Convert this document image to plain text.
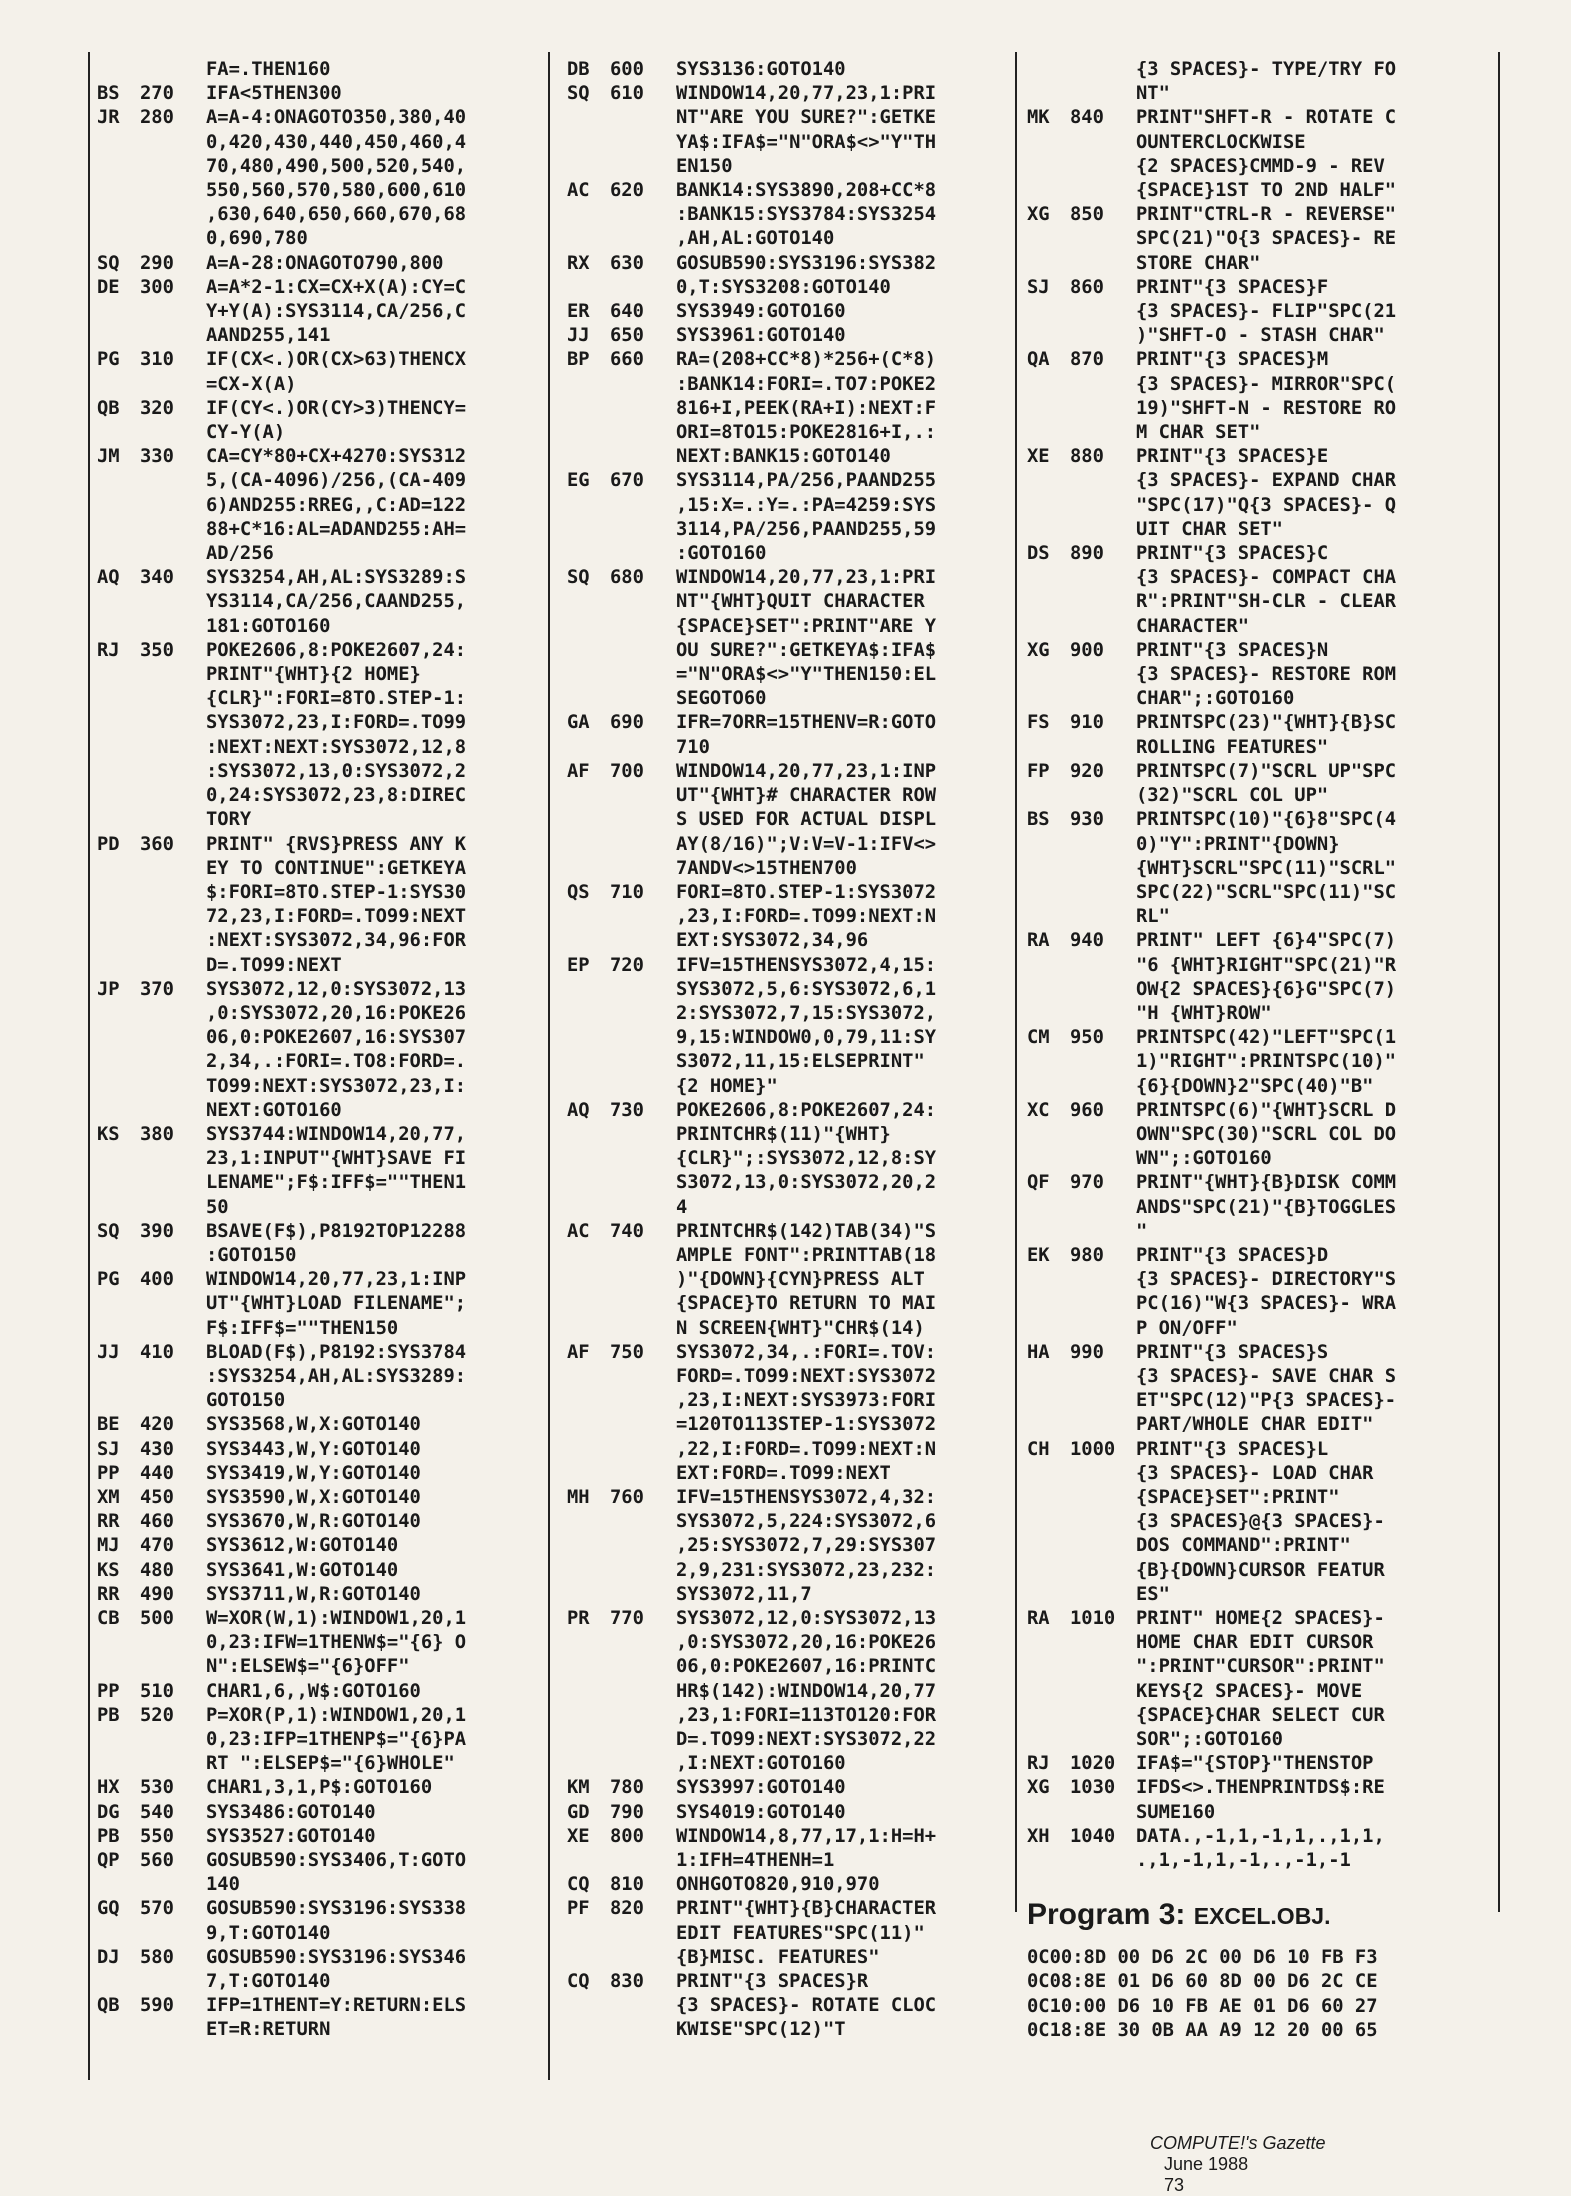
FA=.THEN160
BS	270	IFA<5THEN300
JR	280	A=A-4:ONAGOTO350,380,40
0,420,430,440,450,460,4
70,480,490,500,520,540,
550,560,570,580,600,610
,630,640,650,660,670,68
0,690,780
SQ	290	A=A-28:ONAGOTO790,800
DE	300	A=A*2-1:CX=CX+X(A):CY=C
Y+Y(A):SYS3114,CA/256,C
AAND255,141
PG	310	IF(CX<.)OR(CX>63)THENCX
=CX-X(A)
QB	320	IF(CY<.)OR(CY>3)THENCY=
CY-Y(A)
JM	330	CA=CY*80+CX+4270:SYS312
5,(CA-4096)/256,(CA-409
6)AND255:RREG,,C:AD=122
88+C*16:AL=ADAND255:AH=
AD/256
AQ	340	SYS3254,AH,AL:SYS3289:S
YS3114,CA/256,CAAND255,
181:GOTO160
RJ	350	POKE2606,8:POKE2607,24:
PRINT"{WHT}{2 HOME}
{CLR}":FORI=8TO.STEP-1:
SYS3072,23,I:FORD=.TO99
:NEXT:NEXT:SYS3072,12,8
:SYS3072,13,0:SYS3072,2
0,24:SYS3072,23,8:DIREC
TORY
PD	360	PRINT" {RVS}PRESS ANY K
EY TO CONTINUE":GETKEYA
$:FORI=8TO.STEP-1:SYS30
72,23,I:FORD=.TO99:NEXT
:NEXT:SYS3072,34,96:FOR
D=.TO99:NEXT
JP	370	SYS3072,12,0:SYS3072,13
,0:SYS3072,20,16:POKE26
06,0:POKE2607,16:SYS307
2,34,.:FORI=.TO8:FORD=.
TO99:NEXT:SYS3072,23,I:
NEXT:GOTO160
KS	380	SYS3744:WINDOW14,20,77,
23,1:INPUT"{WHT}SAVE FI
LENAME";F$:IFF$=""THEN1
50
SQ	390	BSAVE(F$),P8192TOP12288
:GOTO150
PG	400	WINDOW14,20,77,23,1:INP
UT"{WHT}LOAD FILENAME";
F$:IFF$=""THEN150
JJ	410	BLOAD(F$),P8192:SYS3784
:SYS3254,AH,AL:SYS3289:
GOTO150
BE	420	SYS3568,W,X:GOTO140
SJ	430	SYS3443,W,Y:GOTO140
PP	440	SYS3419,W,Y:GOTO140
XM	450	SYS3590,W,X:GOTO140
RR	460	SYS3670,W,R:GOTO140
MJ	470	SYS3612,W:GOTO140
KS	480	SYS3641,W:GOTO140
RR	490	SYS3711,W,R:GOTO140
CB	500	W=XOR(W,1):WINDOW1,20,1
0,23:IFW=1THENW$="{6} O
N":ELSEW$="{6}OFF"
PP	510	CHAR1,6,,W$:GOTO160
PB	520	P=XOR(P,1):WINDOW1,20,1
0,23:IFP=1THENP$="{6}PA
RT ":ELSEP$="{6}WHOLE"
HX	530	CHAR1,3,1,P$:GOTO160
DG	540	SYS3486:GOTO140
PB	550	SYS3527:GOTO140
QP	560	GOSUB590:SYS3406,T:GOTO
140
GQ	570	GOSUB590:SYS3196:SYS338
9,T:GOTO140
DJ	580	GOSUB590:SYS3196:SYS346
7,T:GOTO140
QB	590	IFP=1THENT=Y:RETURN:ELS
ET=R:RETURN
DB	600	SYS3136:GOTO140
SQ	610	WINDOW14,20,77,23,1:PRI
NT"ARE YOU SURE?":GETKE
YA$:IFA$="N"ORA$<>"Y"TH
EN150
AC	620	BANK14:SYS3890,208+CC*8
:BANK15:SYS3784:SYS3254
,AH,AL:GOTO140
RX	630	GOSUB590:SYS3196:SYS382
0,T:SYS3208:GOTO140
ER	640	SYS3949:GOTO160
JJ	650	SYS3961:GOTO140
BP	660	RA=(208+CC*8)*256+(C*8)
:BANK14:FORI=.TO7:POKE2
816+I,PEEK(RA+I):NEXT:F
ORI=8TO15:POKE2816+I,.:
NEXT:BANK15:GOTO140
EG	670	SYS3114,PA/256,PAAND255
,15:X=.:Y=.:PA=4259:SYS
3114,PA/256,PAAND255,59
:GOTO160
SQ	680	WINDOW14,20,77,23,1:PRI
NT"{WHT}QUIT CHARACTER
{SPACE}SET":PRINT"ARE Y
OU SURE?":GETKEYA$:IFA$
="N"ORA$<>"Y"THEN150:EL
SEGOTO60
GA	690	IFR=7ORR=15THENV=R:GOTO
710
AF	700	WINDOW14,20,77,23,1:INP
UT"{WHT}# CHARACTER ROW
S USED FOR ACTUAL DISPL
AY(8/16)";V:V=V-1:IFV<>
7ANDV<>15THEN700
QS	710	FORI=8TO.STEP-1:SYS3072
,23,I:FORD=.TO99:NEXT:N
EXT:SYS3072,34,96
EP	720	IFV=15THENSYS3072,4,15:
SYS3072,5,6:SYS3072,6,1
2:SYS3072,7,15:SYS3072,
9,15:WINDOW0,0,79,11:SY
S3072,11,15:ELSEPRINT"
{2 HOME}"
AQ	730	POKE2606,8:POKE2607,24:
PRINTCHR$(11)"{WHT}
{CLR}";:SYS3072,12,8:SY
S3072,13,0:SYS3072,20,2
4
AC	740	PRINTCHR$(142)TAB(34)"S
AMPLE FONT":PRINTTAB(18
)"{DOWN}{CYN}PRESS ALT
{SPACE}TO RETURN TO MAI
N SCREEN{WHT}"CHR$(14)
AF	750	SYS3072,34,.:FORI=.TOV:
FORD=.TO99:NEXT:SYS3072
,23,I:NEXT:SYS3973:FORI
=120TO113STEP-1:SYS3072
,22,I:FORD=.TO99:NEXT:N
EXT:FORD=.TO99:NEXT
MH	760	IFV=15THENSYS3072,4,32:
SYS3072,5,224:SYS3072,6
,25:SYS3072,7,29:SYS307
2,9,231:SYS3072,23,232:
SYS3072,11,7
PR	770	SYS3072,12,0:SYS3072,13
,0:SYS3072,20,16:POKE26
06,0:POKE2607,16:PRINTC
HR$(142):WINDOW14,20,77
,23,1:FORI=113TO120:FOR
D=.TO99:NEXT:SYS3072,22
,I:NEXT:GOTO160
KM	780	SYS3997:GOTO140
GD	790	SYS4019:GOTO140
XE	800	WINDOW14,8,77,17,1:H=H+
1:IFH=4THENH=1
CQ	810	ONHGOTO820,910,970
PF	820	PRINT"{WHT}{B}CHARACTER
EDIT FEATURES"SPC(11)"
{B}MISC. FEATURES"
CQ	830	PRINT"{3 SPACES}R
{3 SPACES}- ROTATE CLOC
KWISE"SPC(12)"T
{3 SPACES}- TYPE/TRY FO
NT"
MK	840	PRINT"SHFT-R - ROTATE C
OUNTERCLOCKWISE
{2 SPACES}CMMD-9 - REV
{SPACE}1ST TO 2ND HALF"
XG	850	PRINT"CTRL-R - REVERSE"
SPC(21)"O{3 SPACES}- RE
STORE CHAR"
SJ	860	PRINT"{3 SPACES}F
{3 SPACES}- FLIP"SPC(21
)"SHFT-O - STASH CHAR"
QA	870	PRINT"{3 SPACES}M
{3 SPACES}- MIRROR"SPC(
19)"SHFT-N - RESTORE RO
M CHAR SET"
XE	880	PRINT"{3 SPACES}E
{3 SPACES}- EXPAND CHAR
"SPC(17)"Q{3 SPACES}- Q
UIT CHAR SET"
DS	890	PRINT"{3 SPACES}C
{3 SPACES}- COMPACT CHA
R":PRINT"SH-CLR - CLEAR
CHARACTER"
XG	900	PRINT"{3 SPACES}N
{3 SPACES}- RESTORE ROM
CHAR";:GOTO160
FS	910	PRINTSPC(23)"{WHT}{B}SC
ROLLING FEATURES"
FP	920	PRINTSPC(7)"SCRL UP"SPC
(32)"SCRL COL UP"
BS	930	PRINTSPC(10)"{6}8"SPC(4
0)"Y":PRINT"{DOWN}
{WHT}SCRL"SPC(11)"SCRL"
SPC(22)"SCRL"SPC(11)"SC
RL"
RA	940	PRINT" LEFT {6}4"SPC(7)
"6 {WHT}RIGHT"SPC(21)"R
OW{2 SPACES}{6}G"SPC(7)
"H {WHT}ROW"
CM	950	PRINTSPC(42)"LEFT"SPC(1
1)"RIGHT":PRINTSPC(10)"
{6}{DOWN}2"SPC(40)"B"
XC	960	PRINTSPC(6)"{WHT}SCRL D
OWN"SPC(30)"SCRL COL DO
WN";:GOTO160
QF	970	PRINT"{WHT}{B}DISK COMM
ANDS"SPC(21)"{B}TOGGLES
"
EK	980	PRINT"{3 SPACES}D
{3 SPACES}- DIRECTORY"S
PC(16)"W{3 SPACES}- WRA
P ON/OFF"
HA	990	PRINT"{3 SPACES}S
{3 SPACES}- SAVE CHAR S
ET"SPC(12)"P{3 SPACES}-
PART/WHOLE CHAR EDIT"
CH	1000	PRINT"{3 SPACES}L
{3 SPACES}- LOAD CHAR
{SPACE}SET":PRINT"
{3 SPACES}@{3 SPACES}-
DOS COMMAND":PRINT"
{B}{DOWN}CURSOR FEATUR
ES"
RA	1010	PRINT" HOME{2 SPACES}-
HOME CHAR EDIT CURSOR
":PRINT"CURSOR":PRINT"
KEYS{2 SPACES}- MOVE
{SPACE}CHAR SELECT CUR
SOR";:GOTO160
RJ	1020	IFA$="{STOP}"THENSTOP
XG	1030	IFDS<>.THENPRINTDS$:RE
SUME160
XH	1040	DATA.,-1,1,-1,1,.,1,1,
.,1,-1,1,-1,.,-1,-1
Program 3: EXCEL.OBJ.
0C00:8D 00 D6 2C 00 D6 10 FB F3
0C08:8E 01 D6 60 8D 00 D6 2C CE
0C10:00 D6 10 FB AE 01 D6 60 27
0C18:8E 30 0B AA A9 12 20 00 65

COMPUTE!'s Gazette
June 1988
73
